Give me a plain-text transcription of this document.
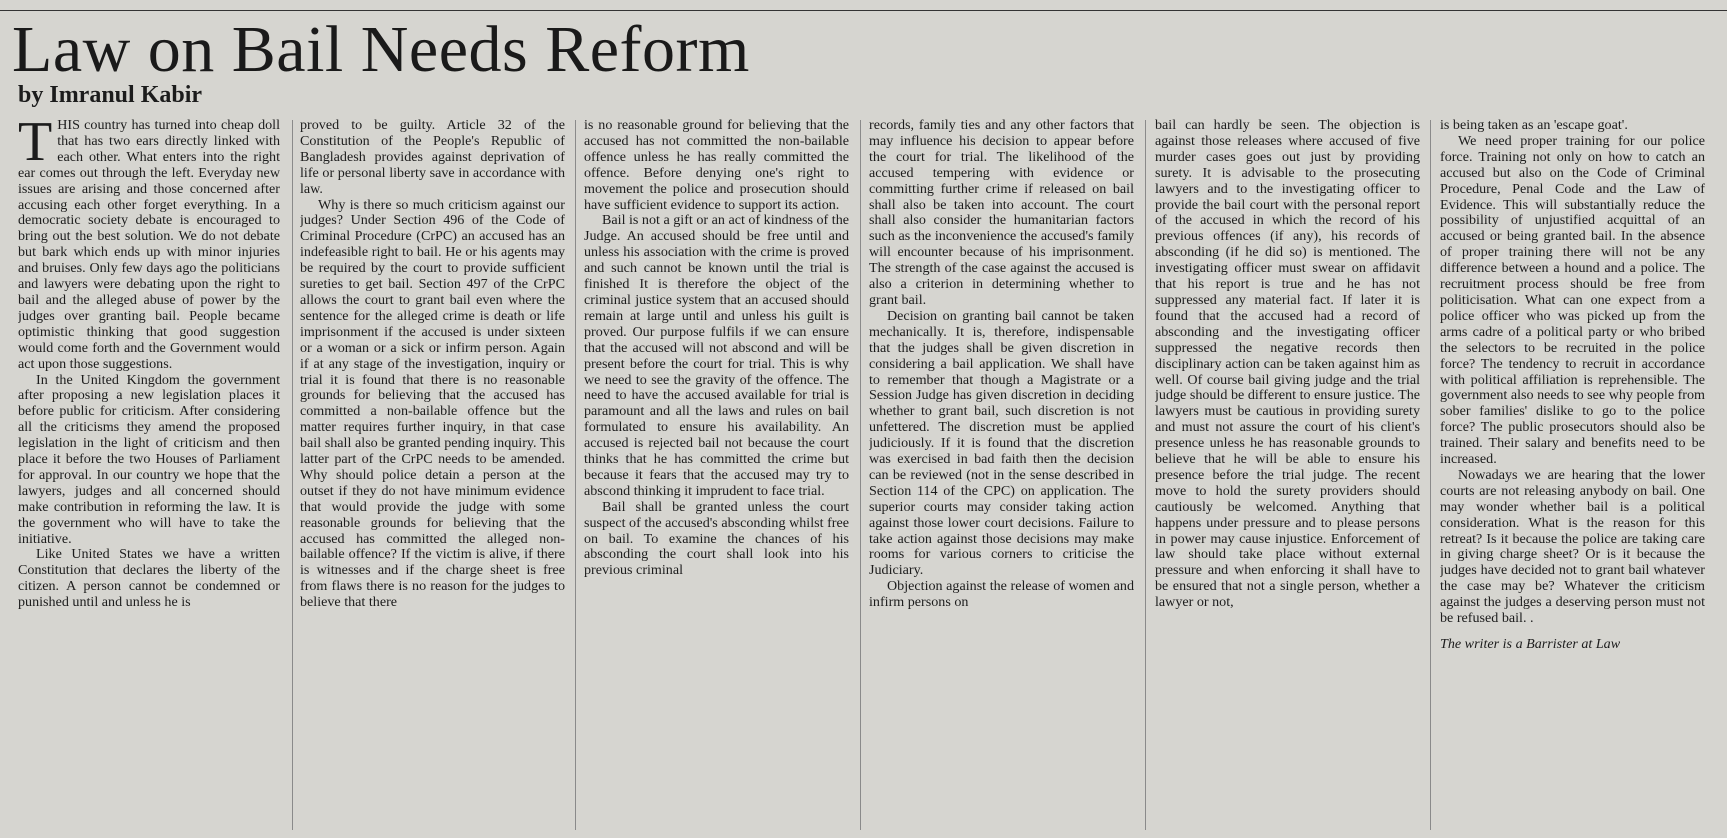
Law on Bail Needs Reform
by Imranul Kabir

THIS country has turned into cheap doll that has two ears directly linked with each other. What enters into the right ear comes out through the left. Everyday new issues are arising and those concerned after accusing each other forget everything. In a democratic society debate is encouraged to bring out the best solution. We do not debate but bark which ends up with minor injuries and bruises. Only few days ago the politicians and lawyers were debating upon the right to bail and the alleged abuse of power by the judges over granting bail. People became optimistic thinking that good suggestion would come forth and the Government would act upon those suggestions.

In the United Kingdom the government after proposing a new legislation places it before public for criticism. After considering all the criticisms they amend the proposed legislation in the light of criticism and then place it before the two Houses of Parliament for approval. In our country we hope that the lawyers, judges and all concerned should make contribution in reforming the law. It is the government who will have to take the initiative.

Like United States we have a written Constitution that declares the liberty of the citizen. A person cannot be condemned or punished until and unless he is

proved to be guilty. Article 32 of the Constitution of the People's Republic of Bangladesh provides against deprivation of life or personal liberty save in accordance with law.

Why is there so much criticism against our judges? Under Section 496 of the Code of Criminal Procedure (CrPC) an accused has an indefeasible right to bail. He or his agents may be required by the court to provide sufficient sureties to get bail. Section 497 of the CrPC allows the court to grant bail even where the sentence for the alleged crime is death or life imprisonment if the accused is under sixteen or a woman or a sick or infirm person. Again if at any stage of the investigation, inquiry or trial it is found that there is no reasonable grounds for believing that the accused has committed a non-bailable offence but the matter requires further inquiry, in that case bail shall also be granted pending inquiry. This latter part of the CrPC needs to be amended. Why should police detain a person at the outset if they do not have minimum evidence that would provide the judge with some reasonable grounds for believing that the accused has committed the alleged non-bailable offence? If the victim is alive, if there is witnesses and if the charge sheet is free from flaws there is no reason for the judges to believe that there

is no reasonable ground for believing that the accused has not committed the non-bailable offence unless he has really committed the offence. Before denying one's right to movement the police and prosecution should have sufficient evidence to support its action.

Bail is not a gift or an act of kindness of the Judge. An accused should be free until and unless his association with the crime is proved and such cannot be known until the trial is finished It is therefore the object of the criminal justice system that an accused should remain at large until and unless his guilt is proved. Our purpose fulfils if we can ensure that the accused will not abscond and will be present before the court for trial. This is why we need to see the gravity of the offence. The need to have the accused available for trial is paramount and all the laws and rules on bail formulated to ensure his availability. An accused is rejected bail not because the court thinks that he has committed the crime but because it fears that the accused may try to abscond thinking it imprudent to face trial.

Bail shall be granted unless the court suspect of the accused's absconding whilst free on bail. To examine the chances of his absconding the court shall look into his previous criminal

records, family ties and any other factors that may influence his decision to appear before the court for trial. The likelihood of the accused tempering with evidence or committing further crime if released on bail shall also be taken into account. The court shall also consider the humanitarian factors such as the inconvenience the accused's family will encounter because of his imprisonment. The strength of the case against the accused is also a criterion in determining whether to grant bail.

Decision on granting bail cannot be taken mechanically. It is, therefore, indispensable that the judges shall be given discretion in considering a bail application. We shall have to remember that though a Magistrate or a Session Judge has given discretion in deciding whether to grant bail, such discretion is not unfettered. The discretion must be applied judiciously. If it is found that the discretion was exercised in bad faith then the decision can be reviewed (not in the sense described in Section 114 of the CPC) on application. The superior courts may consider taking action against those lower court decisions. Failure to take action against those decisions may make rooms for various corners to criticise the Judiciary.

Objection against the release of women and infirm persons on

bail can hardly be seen. The objection is against those releases where accused of five murder cases goes out just by providing surety. It is advisable to the prosecuting lawyers and to the investigating officer to provide the bail court with the personal report of the accused in which the record of his previous offences (if any), his records of absconding (if he did so) is mentioned. The investigating officer must swear on affidavit that his report is true and he has not suppressed any material fact. If later it is found that the accused had a record of absconding and the investigating officer suppressed the negative records then disciplinary action can be taken against him as well. Of course bail giving judge and the trial judge should be different to ensure justice. The lawyers must be cautious in providing surety and must not assure the court of his client's presence unless he has reasonable grounds to believe that he will be able to ensure his presence before the trial judge. The recent move to hold the surety providers should cautiously be welcomed. Anything that happens under pressure and to please persons in power may cause injustice. Enforcement of law should take place without external pressure and when enforcing it shall have to be ensured that not a single person, whether a lawyer or not,

is being taken as an 'escape goat'.

We need proper training for our police force. Training not only on how to catch an accused but also on the Code of Criminal Procedure, Penal Code and the Law of Evidence. This will substantially reduce the possibility of unjustified acquittal of an accused or being granted bail. In the absence of proper training there will not be any difference between a hound and a police. The recruitment process should be free from politicisation. What can one expect from a police officer who was picked up from the arms cadre of a political party or who bribed the selectors to be recruited in the police force? The tendency to recruit in accordance with political affiliation is reprehensible. The government also needs to see why people from sober families' dislike to go to the police force? The public prosecutors should also be trained. Their salary and benefits need to be increased.

Nowadays we are hearing that the lower courts are not releasing anybody on bail. One may wonder whether bail is a political consideration. What is the reason for this retreat? Is it because the police are taking care in giving charge sheet? Or is it because the judges have decided not to grant bail whatever the case may be? Whatever the criticism against the judges a deserving person must not be refused bail. .

The writer is a Barrister at Law
